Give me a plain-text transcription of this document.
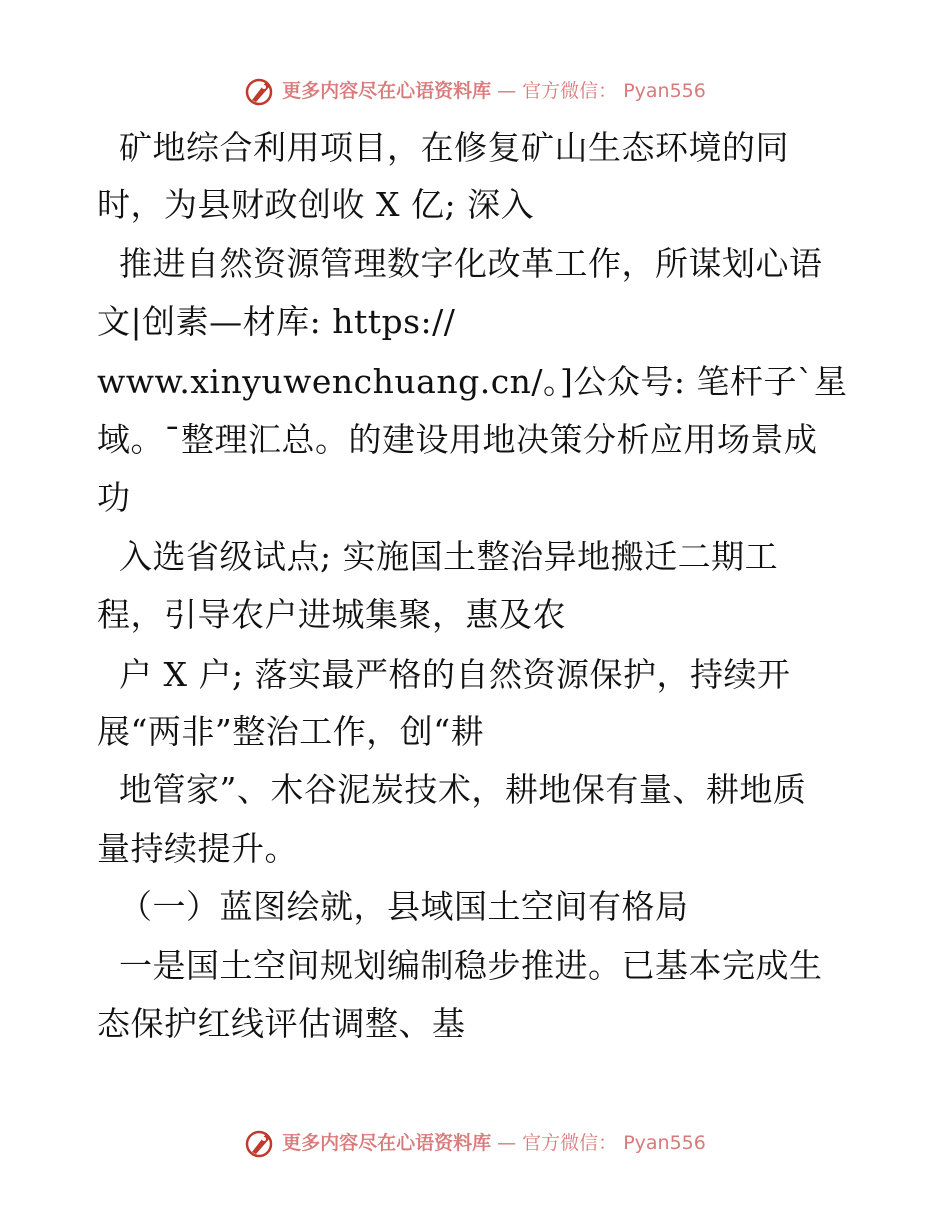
更多内容尽在心语资料库 — 官方微信： Pyan556
矿地综合利用项目，在修复矿山生态环境的同
时，为县财政创收 X 亿; 深入
推进自然资源管理数字化改革工作，所谋划心语
文|创素—材库: https://
www.xinyuwenchuang.cn/。]公众号: 笔杆子`星
域。¯整理汇总。的建设用地决策分析应用场景成
功
入选省级试点; 实施国土整治异地搬迁二期工
程，引导农户进城集聚，惠及农
户 X 户; 落实最严格的自然资源保护，持续开
展“两非”整治工作，创“耕
地管家”、木谷泥炭技术，耕地保有量、耕地质
量持续提升。
（一）蓝图绘就，县域国土空间有格局
一是国土空间规划编制稳步推进。已基本完成生
态保护红线评估调整、基
更多内容尽在心语资料库 — 官方微信： Pyan556
